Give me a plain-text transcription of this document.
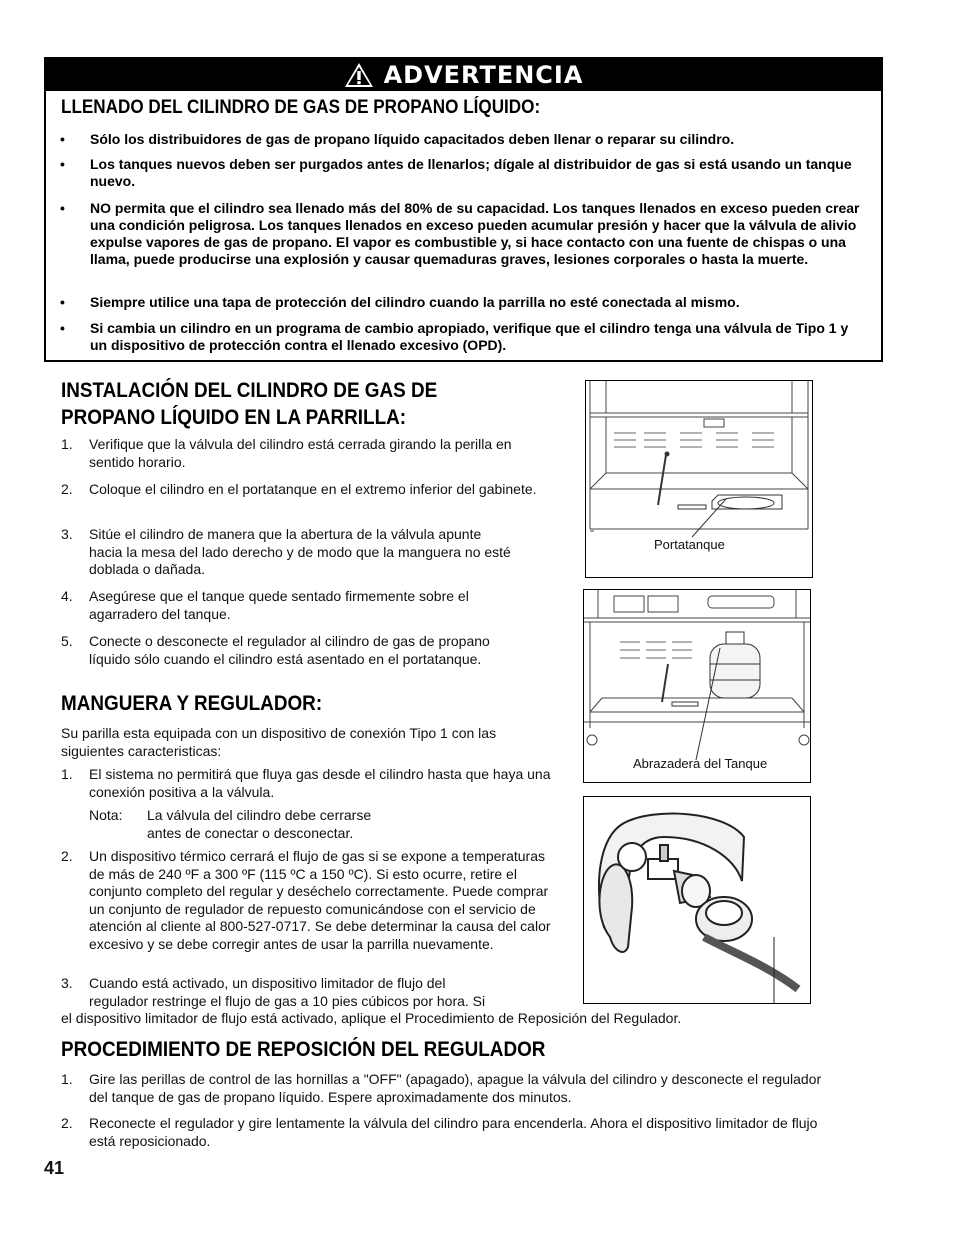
ADVERTENCIA
LLENADO DEL CILINDRO DE GAS DE PROPANO LÍQUIDO:
• Sólo los distribuidores de gas de propano líquido capacitados deben llenar o reparar su cilindro.
• Los tanques nuevos deben ser purgados antes de llenarlos; dígale al distribuidor de gas si está usando un tanque nuevo.
• NO permita que el cilindro sea llenado más del 80% de su capacidad. Los tanques llenados en exceso pueden crear una condición peligrosa. Los tanques llenados en exceso pueden acumular presión y hacer que la válvula de alivio expulse vapores de gas de propano. El vapor es combustible y, si hace contacto con una fuente de chispas o una llama, puede producirse una explosión y causar quemaduras graves, lesiones corporales o hasta la muerte.
• Siempre utilice una tapa de protección del cilindro cuando la parrilla no esté conectada al mismo.
• Si cambia un cilindro en un programa de cambio apropiado, verifique que el cilindro tenga una válvula de Tipo 1 y un dispositivo de protección contra el llenado excesivo (OPD).
INSTALACIÓN DEL CILINDRO DE GAS DE
PROPANO LÍQUIDO EN LA PARRILLA:
1. Verifique que la válvula del cilindro está cerrada girando la perilla en sentido horario.
2. Coloque el cilindro en el portatanque en el extremo inferior del gabinete.
3. Sitúe el cilindro de manera que la abertura de la válvula apunte hacia la mesa del lado derecho y de modo que la manguera no esté doblada o dañada.
4. Asegúrese que el tanque quede sentado firmemente sobre el agarradero del tanque.
5. Conecte o desconecte el regulador al cilindro de gas de propano líquido sólo cuando el cilindro está asentado en el portatanque.
MANGUERA Y REGULADOR:
Su parilla esta equipada con un dispositivo de conexión Tipo 1 con las siguientes caracteristicas:
1. El sistema no permitirá que fluya gas desde el cilindro hasta que haya una conexión positiva a la válvula.
Nota: La válvula del cilindro debe cerrarse antes de conectar o desconectar.
2. Un dispositivo térmico cerrará el flujo de gas si se expone a temperaturas de más de 240 ºF a 300 ºF (115 ºC a 150 ºC). Si esto ocurre, retire el conjunto completo del regular y deséchelo correctamente. Puede comprar un conjunto de regulador de repuesto comunicándose con el servicio de atención al cliente al 800-527-0717. Se debe determinar la causa del calor excesivo y se debe corregir antes de usar la parrilla nuevamente.
3. Cuando está activado, un dispositivo limitador de flujo del
regulador restringe el flujo de gas a 10 pies cúbicos por hora. Si
el dispositivo limitador de flujo está activado, aplique el Procedimiento de Reposición del Regulador.
PROCEDIMIENTO DE REPOSICIÓN DEL REGULADOR
1. Gire las perillas de control de las hornillas a "OFF" (apagado), apague la válvula del cilindro y desconecte el regulador del tanque de gas de propano líquido. Espere aproximadamente dos minutos.
2. Reconecte el regulador y gire lentamente la válvula del cilindro para encenderla. Ahora el dispositivo limitador de flujo está reposicionado.
Portatanque
Abrazadera del Tanque
41
